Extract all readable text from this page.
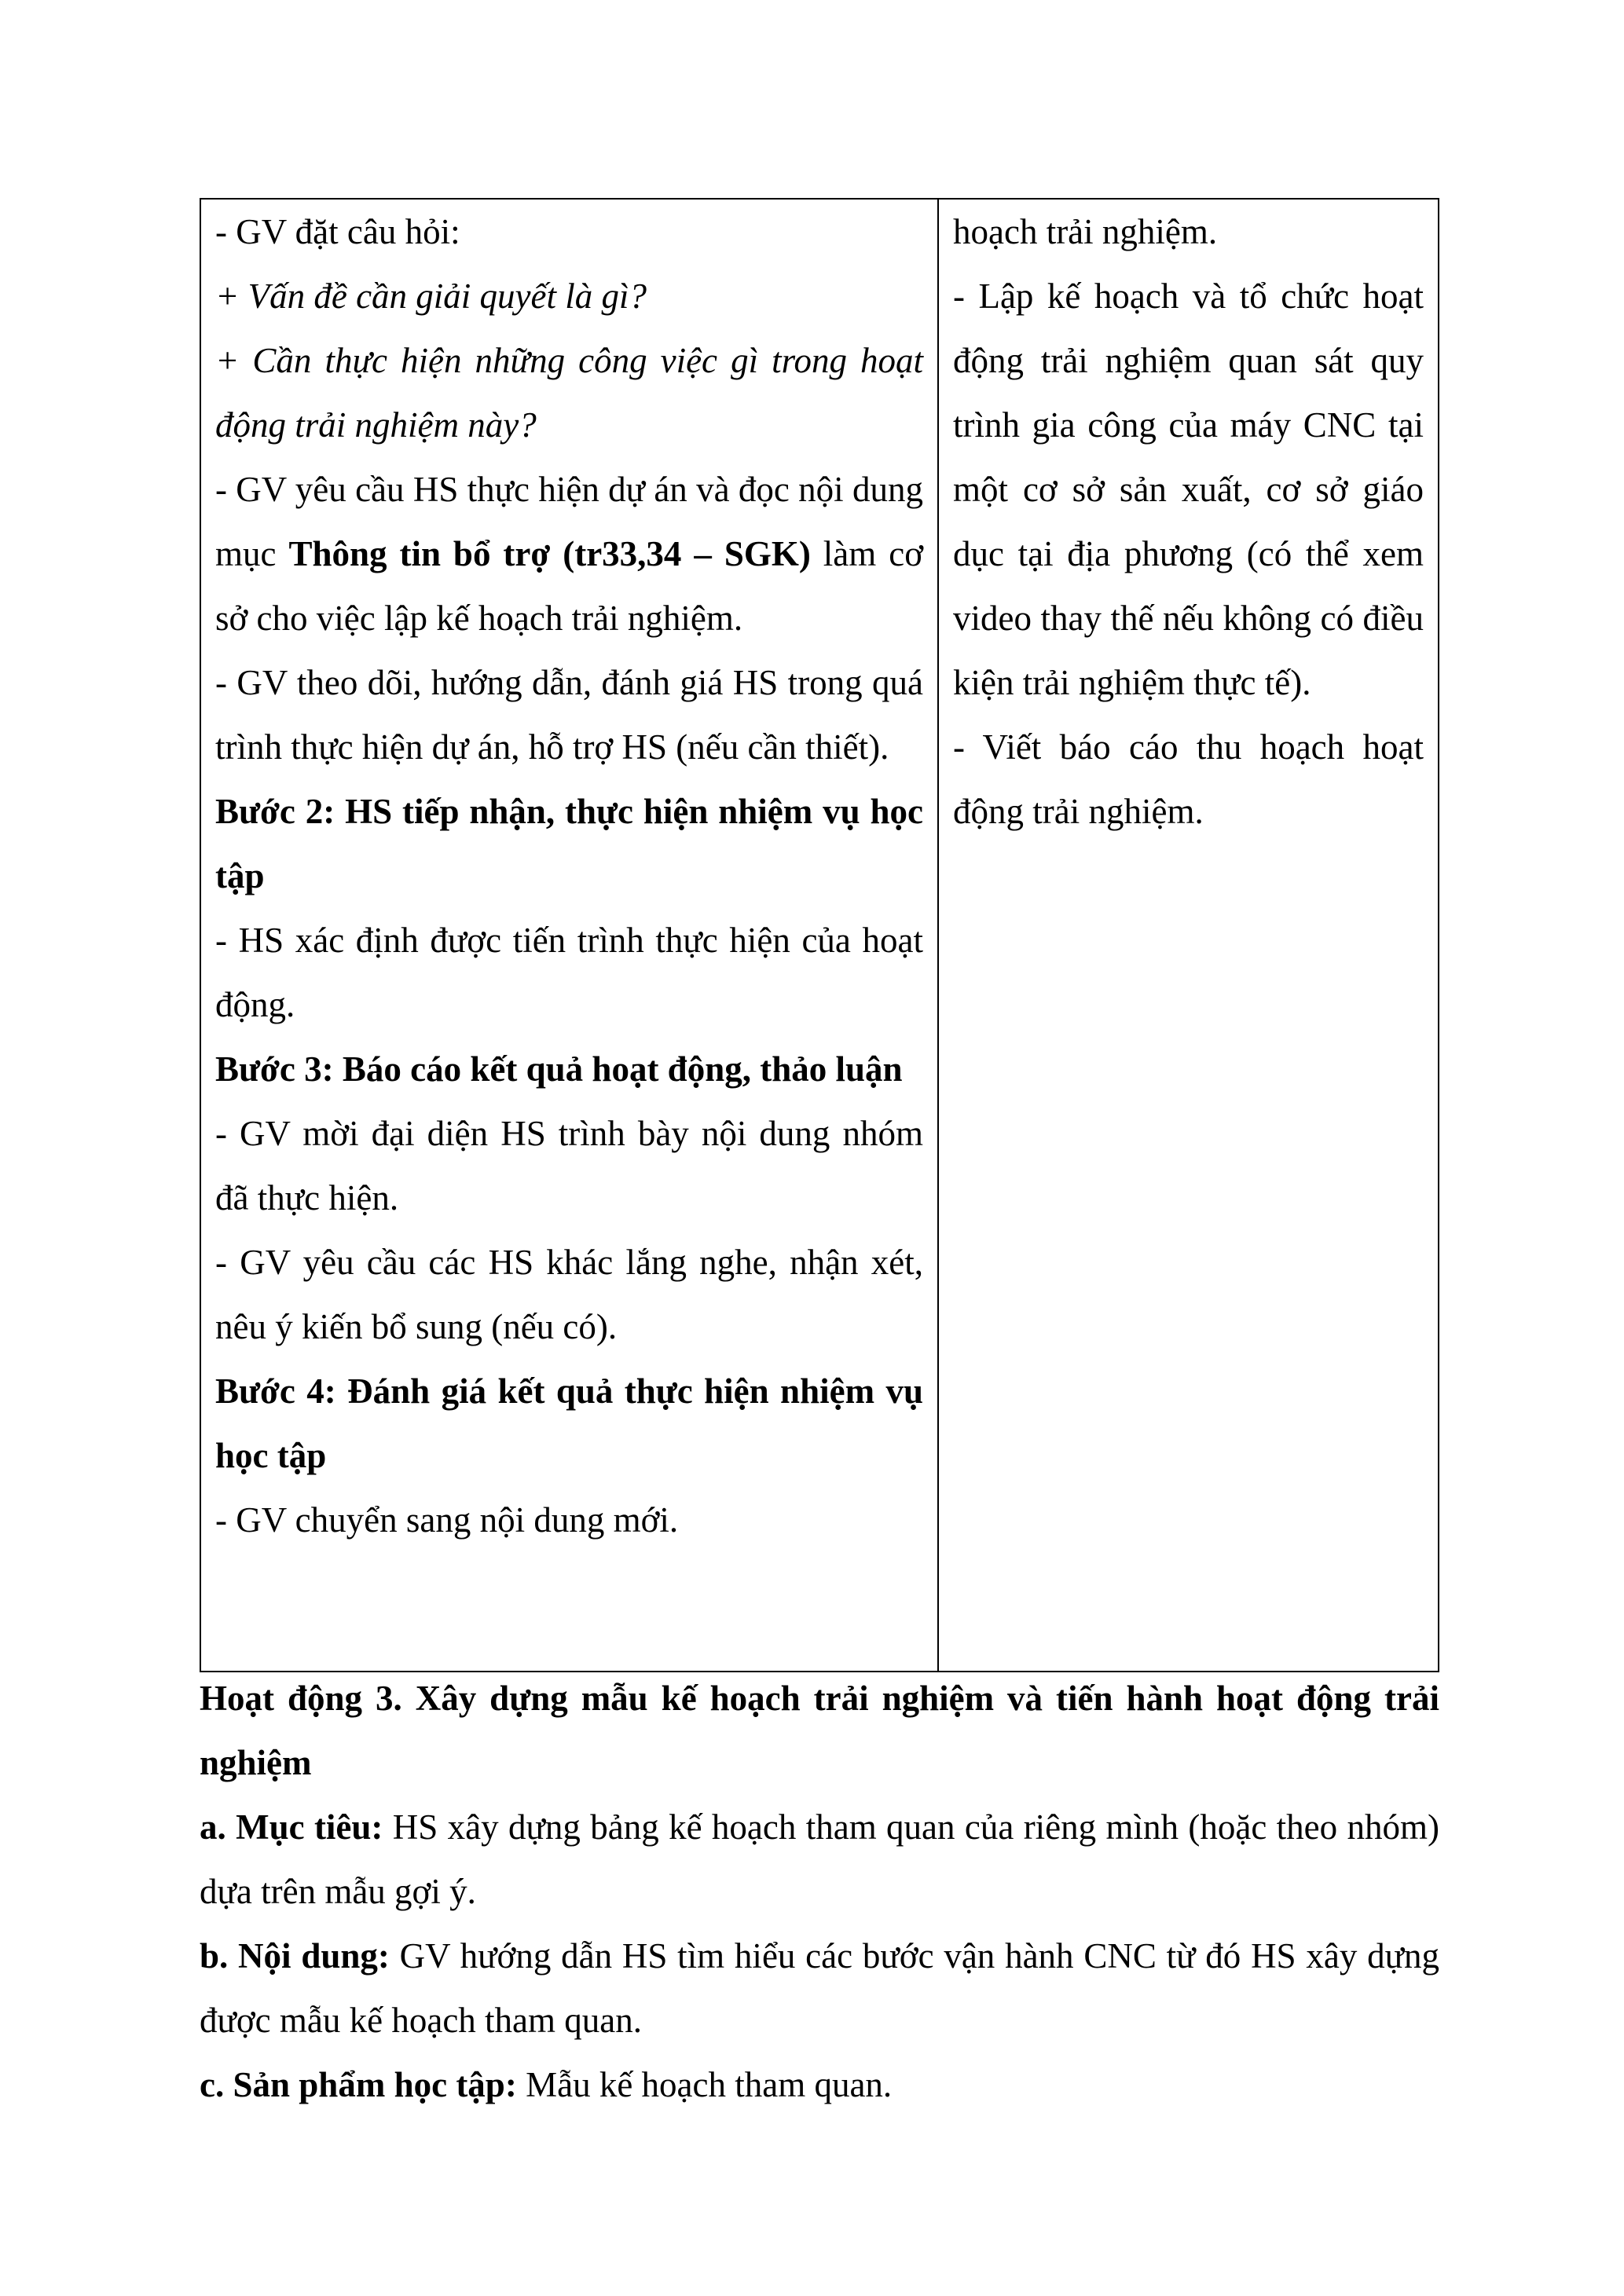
- GV đặt câu hỏi:

+ Vấn đề cần giải quyết là gì?

+ Cần thực hiện những công việc gì trong hoạt động trải nghiệm này?

- GV yêu cầu HS thực hiện dự án và đọc nội dung mục Thông tin bổ trợ (tr33,34 – SGK) làm cơ sở cho việc lập kế hoạch trải nghiệm.

- GV theo dõi, hướng dẫn, đánh giá HS trong quá trình thực hiện dự án, hỗ trợ HS (nếu cần thiết).

Bước 2: HS tiếp nhận, thực hiện nhiệm vụ học tập

- HS xác định được tiến trình thực hiện của hoạt động.

Bước 3: Báo cáo kết quả hoạt động, thảo luận

- GV mời đại diện HS trình bày nội dung nhóm đã thực hiện.

- GV yêu cầu các HS khác lắng nghe, nhận xét, nêu ý kiến bổ sung (nếu có).

Bước 4: Đánh giá kết quả thực hiện nhiệm vụ học tập

- GV chuyển sang nội dung mới.

hoạch trải nghiệm.

- Lập kế hoạch và tổ chức hoạt động trải nghiệm quan sát quy trình gia công của máy CNC tại một cơ sở sản xuất, cơ sở giáo dục tại địa phương (có thể xem video thay thế nếu không có điều kiện trải nghiệm thực tế).

- Viết báo cáo thu hoạch hoạt động trải nghiệm.

Hoạt động 3. Xây dựng mẫu kế hoạch trải nghiệm và tiến hành hoạt động trải nghiệm

a. Mục tiêu: HS xây dựng bảng kế hoạch tham quan của riêng mình (hoặc theo nhóm) dựa trên mẫu gợi ý.

b. Nội dung: GV hướng dẫn HS tìm hiểu các bước vận hành CNC từ đó HS xây dựng được mẫu kế hoạch tham quan.

c. Sản phẩm học tập: Mẫu kế hoạch tham quan.
